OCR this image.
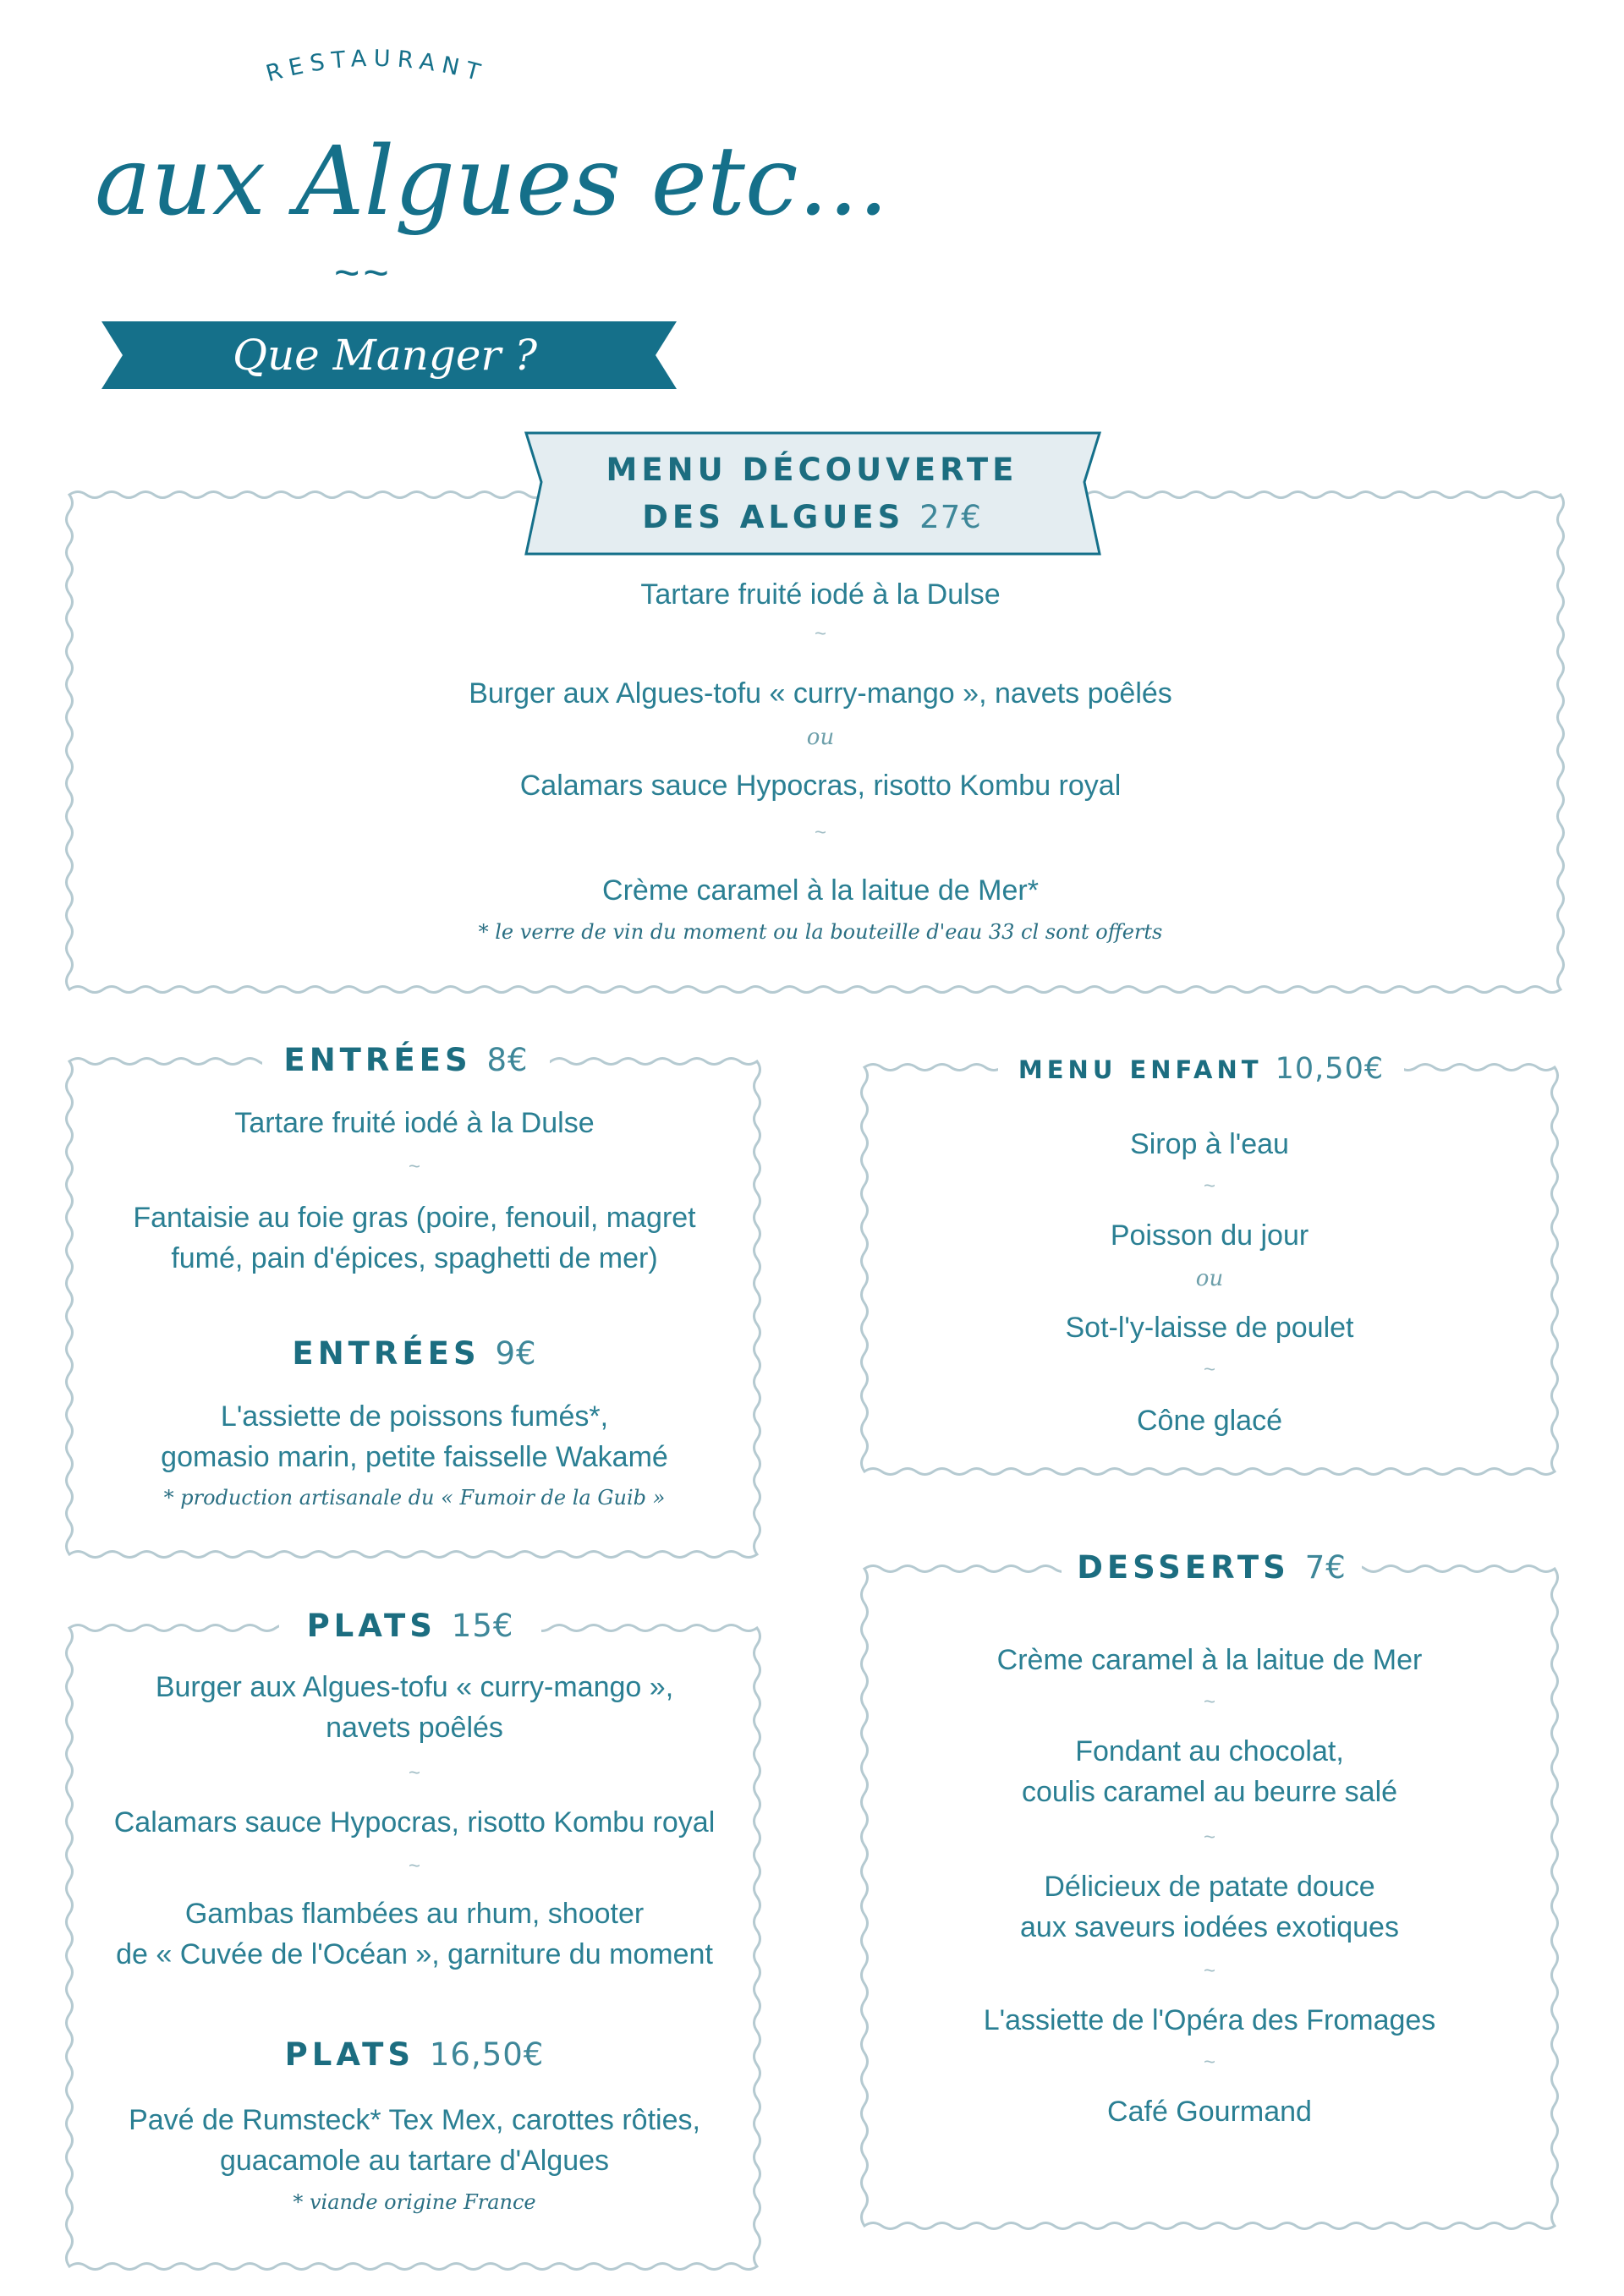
RESTAURANT
aux Algues etc...
~~
Que Manger ?
MENU DÉCOUVERTE
DES ALGUES 27€
Tartare fruité iodé à la Dulse
~
Burger aux Algues-tofu « curry-mango », navets poêlés
ou
Calamars sauce Hypocras, risotto Kombu royal
~
Crème caramel à la laitue de Mer*
* le verre de vin du moment ou la bouteille d'eau 33 cl sont offerts
ENTRÉES 8€
Tartare fruité iodé à la Dulse
~
Fantaisie au foie gras (poire, fenouil, magret
fumé, pain d'épices, spaghetti de mer)
ENTRÉES 9€
L'assiette de poissons fumés*,
gomasio marin, petite faisselle Wakamé
* production artisanale du « Fumoir de la Guib »
PLATS 15€
Burger aux Algues-tofu « curry-mango »,
navets poêlés
~
Calamars sauce Hypocras, risotto Kombu royal
~
Gambas flambées au rhum, shooter
de « Cuvée de l'Océan », garniture du moment
PLATS 16,50€
Pavé de Rumsteck* Tex Mex, carottes rôties,
guacamole au tartare d'Algues
* viande origine France
MENU ENFANT 10,50€
Sirop à l'eau
~
Poisson du jour
ou
Sot-l'y-laisse de poulet
~
Cône glacé
DESSERTS 7€
Crème caramel à la laitue de Mer
~
Fondant au chocolat,
coulis caramel au beurre salé
~
Délicieux de patate douce
aux saveurs iodées exotiques
~
L'assiette de l'Opéra des Fromages
~
Café Gourmand
